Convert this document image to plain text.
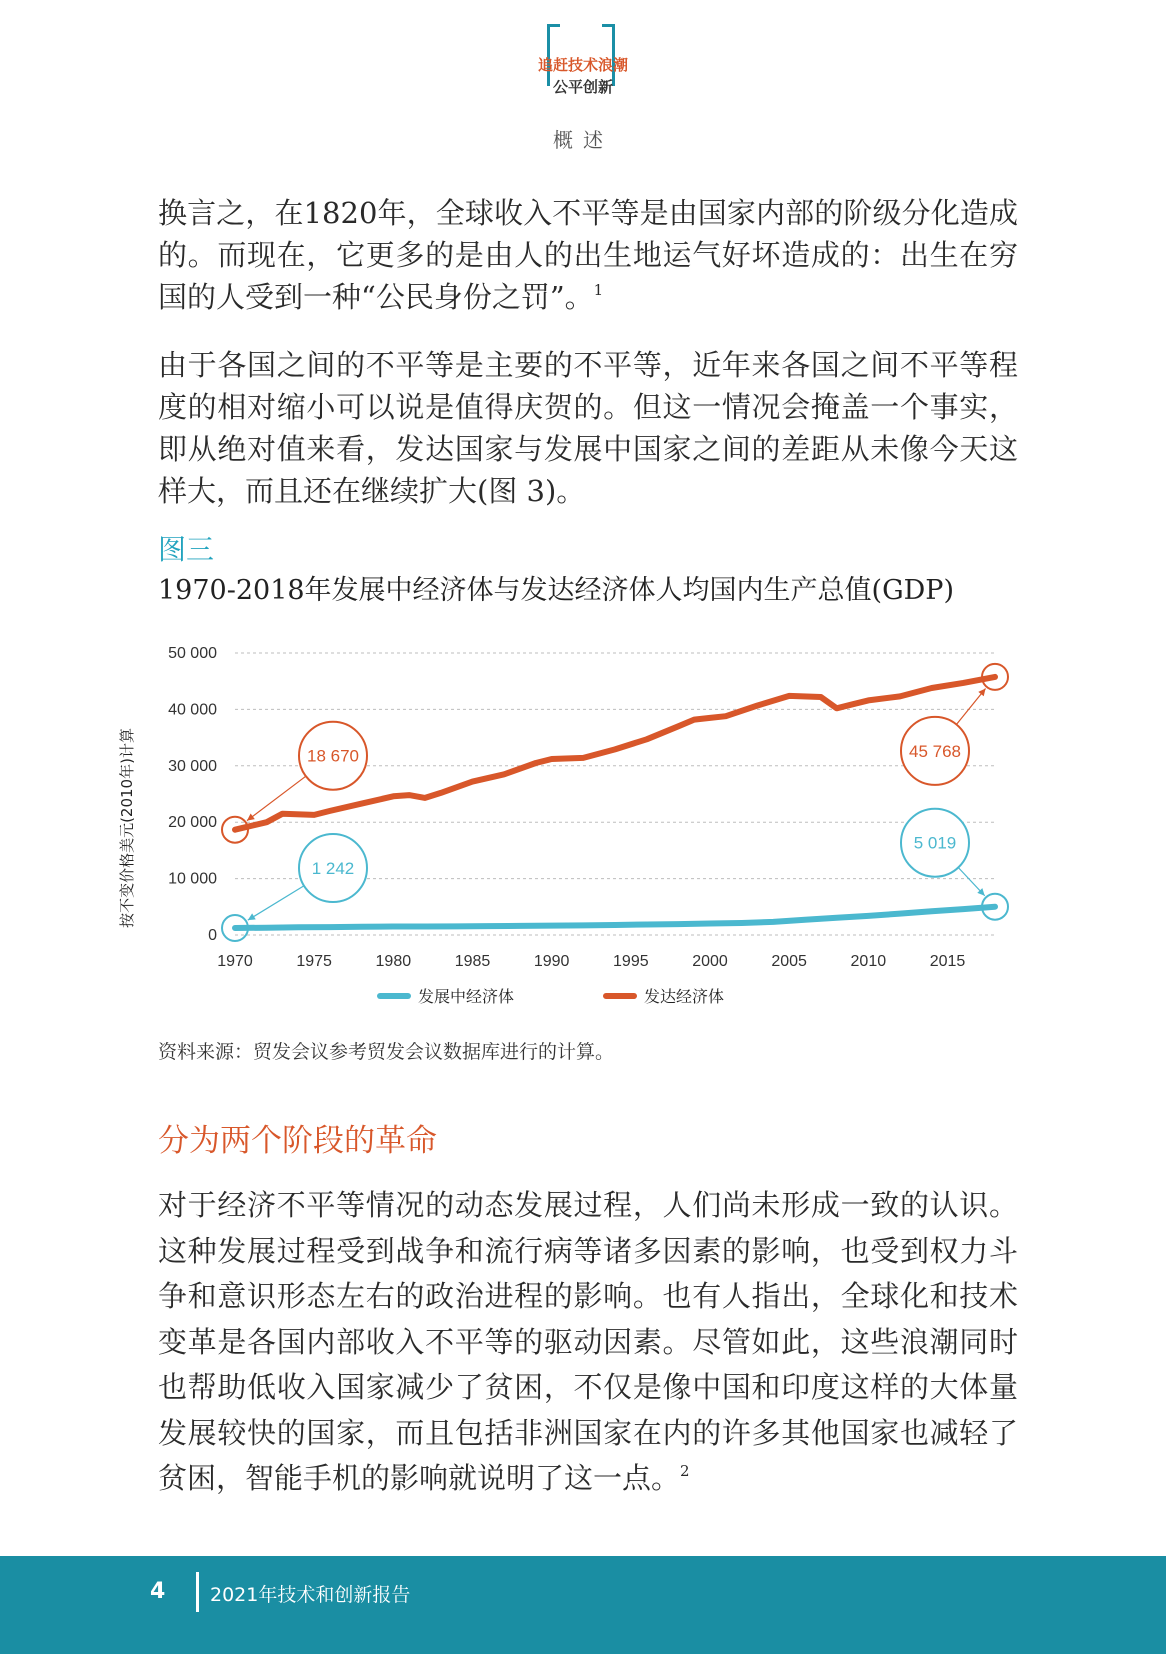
追赶技术浪潮
公平创新
概述

换言之，在1820年，全球收入不平等是由国家内部的阶级分化造成的。而现在，它更多的是由人的出生地运气好坏造成的：出生在穷国的人受到一种“公民身份之罚”。$^1$

由于各国之间的不平等是主要的不平等，近年来各国之间不平等程度的相对缩小可以说是值得庆贺的。但这一情况会掩盖一个事实，即从绝对值来看，发达国家与发展中国家之间的差距从未像今天这样大，而且还在继续扩大(图 3)。

图三
1970-2018年发展中经济体与发达经济体人均国内生产总值(GDP)
0
10 000
20 000
30 000
40 000
50 000
1970	1975	1980	1985	1990	1995	2000	2005	2010	2015
18 670	45 768
1 242
5 019
发展中经济体	发达经济体
按不变价格美元(2010年)计算
资料来源：贸发会议参考贸发会议数据库进行的计算。
分为两个阶段的革命

对于经济不平等情况的动态发展过程，人们尚未形成一致的认识。这种发展过程受到战争和流行病等诸多因素的影响，也受到权力斗争和意识形态左右的政治进程的影响。也有人指出，全球化和技术变革是各国内部收入不平等的驱动因素。尽管如此，这些浪潮同时也帮助低收入国家减少了贫困，不仅是像中国和印度这样的大体量发展较快的国家，而且包括非洲国家在内的许多其他国家也减轻了贫困，智能手机的影响就说明了这一点。$^2$

4 2021年技术和创新报告
